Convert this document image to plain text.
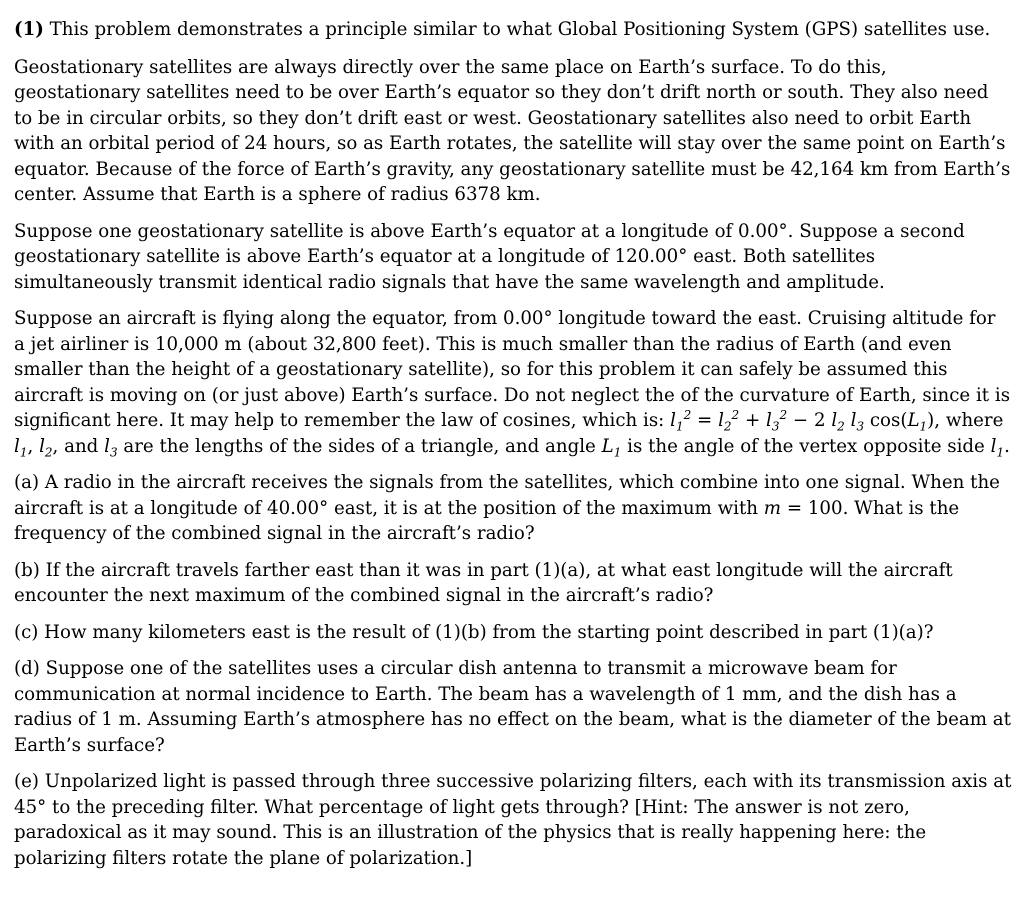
(1) This problem demonstrates a principle similar to what Global Positioning System (GPS) satellites use.

Geostationary satellites are always directly over the same place on Earth’s surface. To do this, geostationary satellites need to be over Earth’s equator so they don’t drift north or south. They also need to be in circular orbits, so they don’t drift east or west. Geostationary satellites also need to orbit Earth with an orbital period of 24 hours, so as Earth rotates, the satellite will stay over the same point on Earth’s equator. Because of the force of Earth’s gravity, any geostationary satellite must be 42,164 km from Earth’s center. Assume that Earth is a sphere of radius 6378 km.

Suppose one geostationary satellite is above Earth’s equator at a longitude of 0.00°. Suppose a second geostationary satellite is above Earth’s equator at a longitude of 120.00° east. Both satellites simultaneously transmit identical radio signals that have the same wavelength and amplitude.

Suppose an aircraft is flying along the equator, from 0.00° longitude toward the east. Cruising altitude for a jet airliner is 10,000 m (about 32,800 feet). This is much smaller than the radius of Earth (and even smaller than the height of a geostationary satellite), so for this problem it can safely be assumed this aircraft is moving on (or just above) Earth’s surface. Do not neglect the of the curvature of Earth, since it is significant here. It may help to remember the law of cosines, which is: $l_1^2 = l_2^2 + l_3^2 - 2$ $l_2$ $l_3$ $\cos(L_1)$, where $l_1$, $l_2$, and $l_3$ are the lengths of the sides of a triangle, and angle $L_1$ is the angle of the vertex opposite side $l_1$.

(a) A radio in the aircraft receives the signals from the satellites, which combine into one signal. When the aircraft is at a longitude of 40.00° east, it is at the position of the maximum with m = 100. What is the frequency of the combined signal in the aircraft’s radio?

(b) If the aircraft travels farther east than it was in part (1)(a), at what east longitude will the aircraft encounter the next maximum of the combined signal in the aircraft’s radio?

(c) How many kilometers east is the result of (1)(b) from the starting point described in part (1)(a)?

(d) Suppose one of the satellites uses a circular dish antenna to transmit a microwave beam for communication at normal incidence to Earth. The beam has a wavelength of 1 mm, and the dish has a radius of 1 m. Assuming Earth’s atmosphere has no effect on the beam, what is the diameter of the beam at Earth’s surface?

(e) Unpolarized light is passed through three successive polarizing filters, each with its transmission axis at 45° to the preceding filter. What percentage of light gets through? [Hint: The answer is not zero, paradoxical as it may sound. This is an illustration of the physics that is really happening here: the polarizing filters rotate the plane of polarization.]
